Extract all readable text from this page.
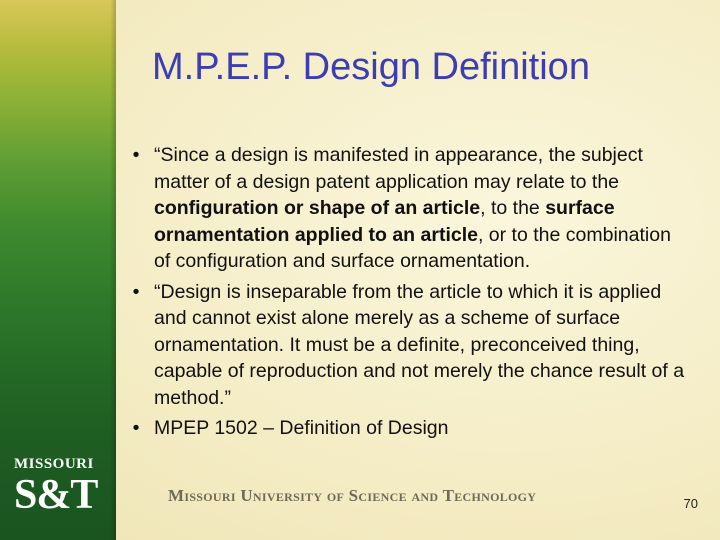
MISSOURI
S&T
M.P.E.P. Design Definition
• “Since a design is manifested in appearance, the subject matter of a design patent application may relate to the configuration or shape of an article, to the surface ornamentation applied to an article, or to the combination of configuration and surface ornamentation.
• “Design is inseparable from the article to which it is applied and cannot exist alone merely as a scheme of surface ornamentation. It must be a definite, preconceived thing, capable of reproduction and not merely the chance result of a method.”
• MPEP 1502 – Definition of Design
Missouri University of Science and Technology	70
